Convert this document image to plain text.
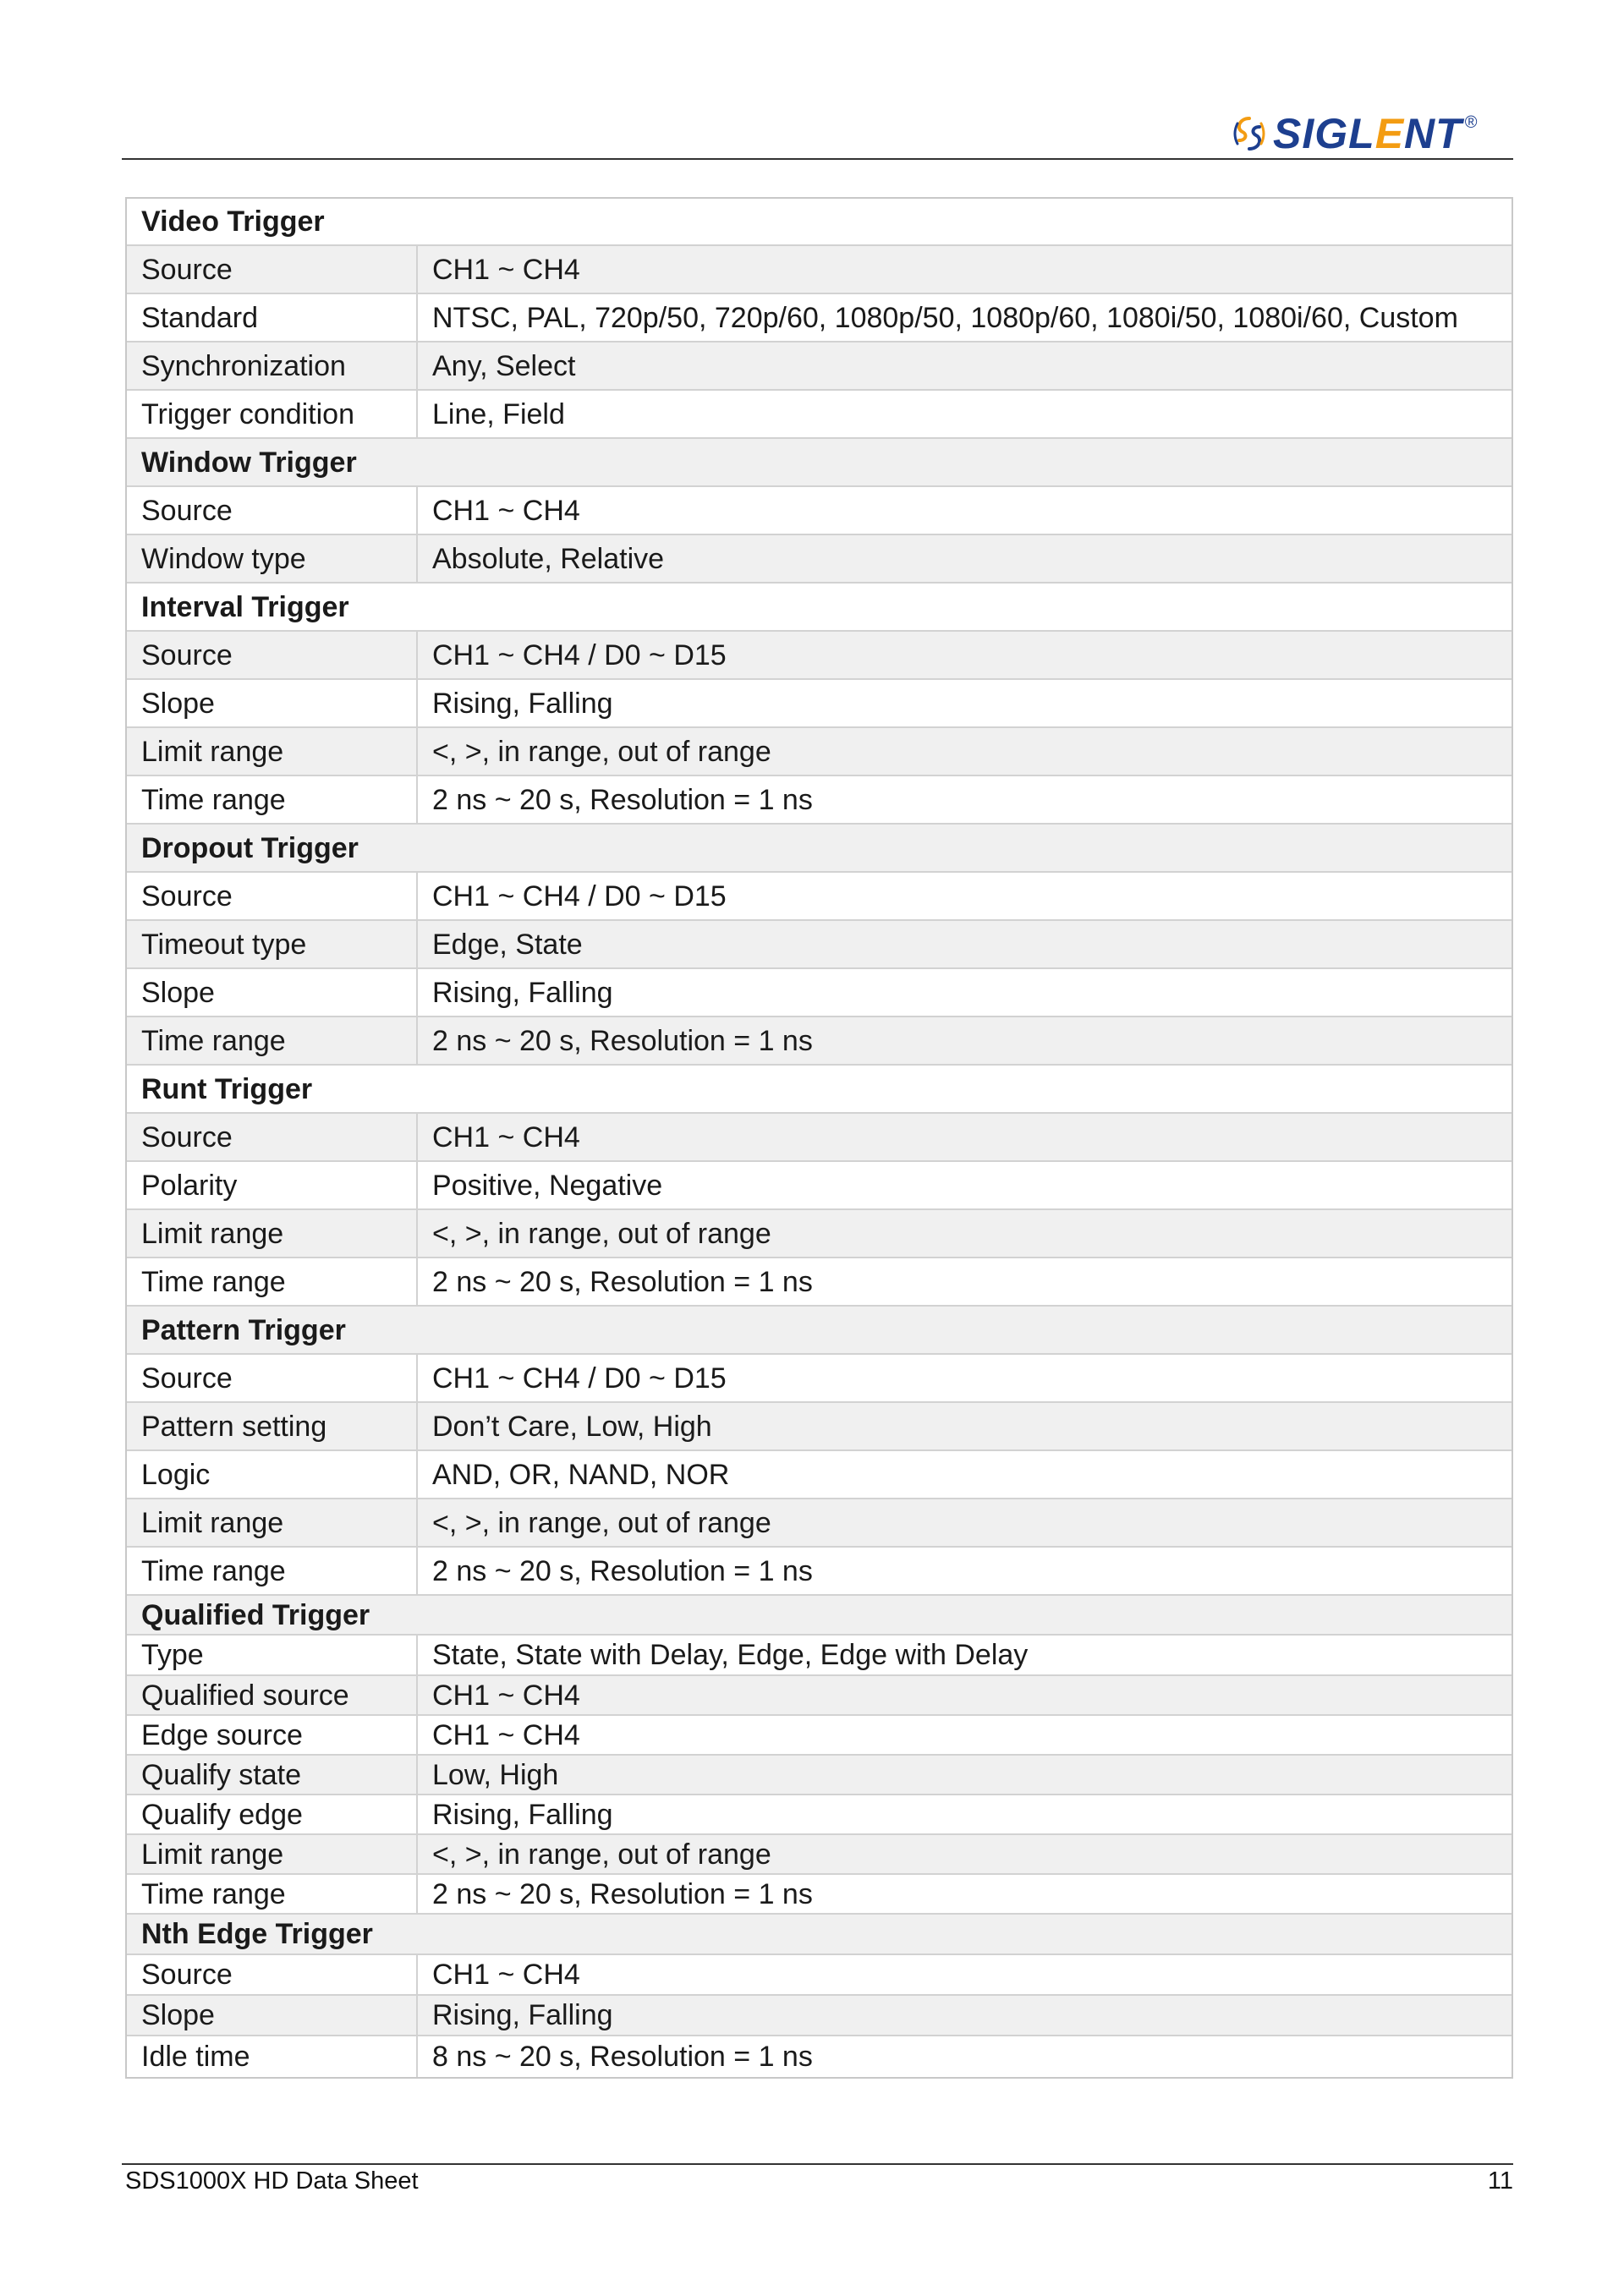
SIGLENT ®
Video Trigger
Source	CH1 ~ CH4
Standard	NTSC, PAL, 720p/50, 720p/60, 1080p/50, 1080p/60, 1080i/50, 1080i/60, Custom
Synchronization	Any, Select
Trigger condition	Line, Field
Window Trigger
Source	CH1 ~ CH4
Window type	Absolute, Relative
Interval Trigger
Source	CH1 ~ CH4 / D0 ~ D15
Slope	Rising, Falling
Limit range	<, >, in range, out of range
Time range	2 ns ~ 20 s, Resolution = 1 ns
Dropout Trigger
Source	CH1 ~ CH4 / D0 ~ D15
Timeout type	Edge, State
Slope	Rising, Falling
Time range	2 ns ~ 20 s, Resolution = 1 ns
Runt Trigger
Source	CH1 ~ CH4
Polarity	Positive, Negative
Limit range	<, >, in range, out of range
Time range	2 ns ~ 20 s, Resolution = 1 ns
Pattern Trigger
Source	CH1 ~ CH4 / D0 ~ D15
Pattern setting	Don’t Care, Low, High
Logic	AND, OR, NAND, NOR
Limit range	<, >, in range, out of range
Time range	2 ns ~ 20 s, Resolution = 1 ns
Qualified Trigger
Type	State, State with Delay, Edge, Edge with Delay
Qualified source	CH1 ~ CH4
Edge source	CH1 ~ CH4
Qualify state	Low, High
Qualify edge	Rising, Falling
Limit range	<, >, in range, out of range
Time range	2 ns ~ 20 s, Resolution = 1 ns
Nth Edge Trigger
Source	CH1 ~ CH4
Slope	Rising, Falling
Idle time	8 ns ~ 20 s, Resolution = 1 ns
SDS1000X HD Data Sheet	11
